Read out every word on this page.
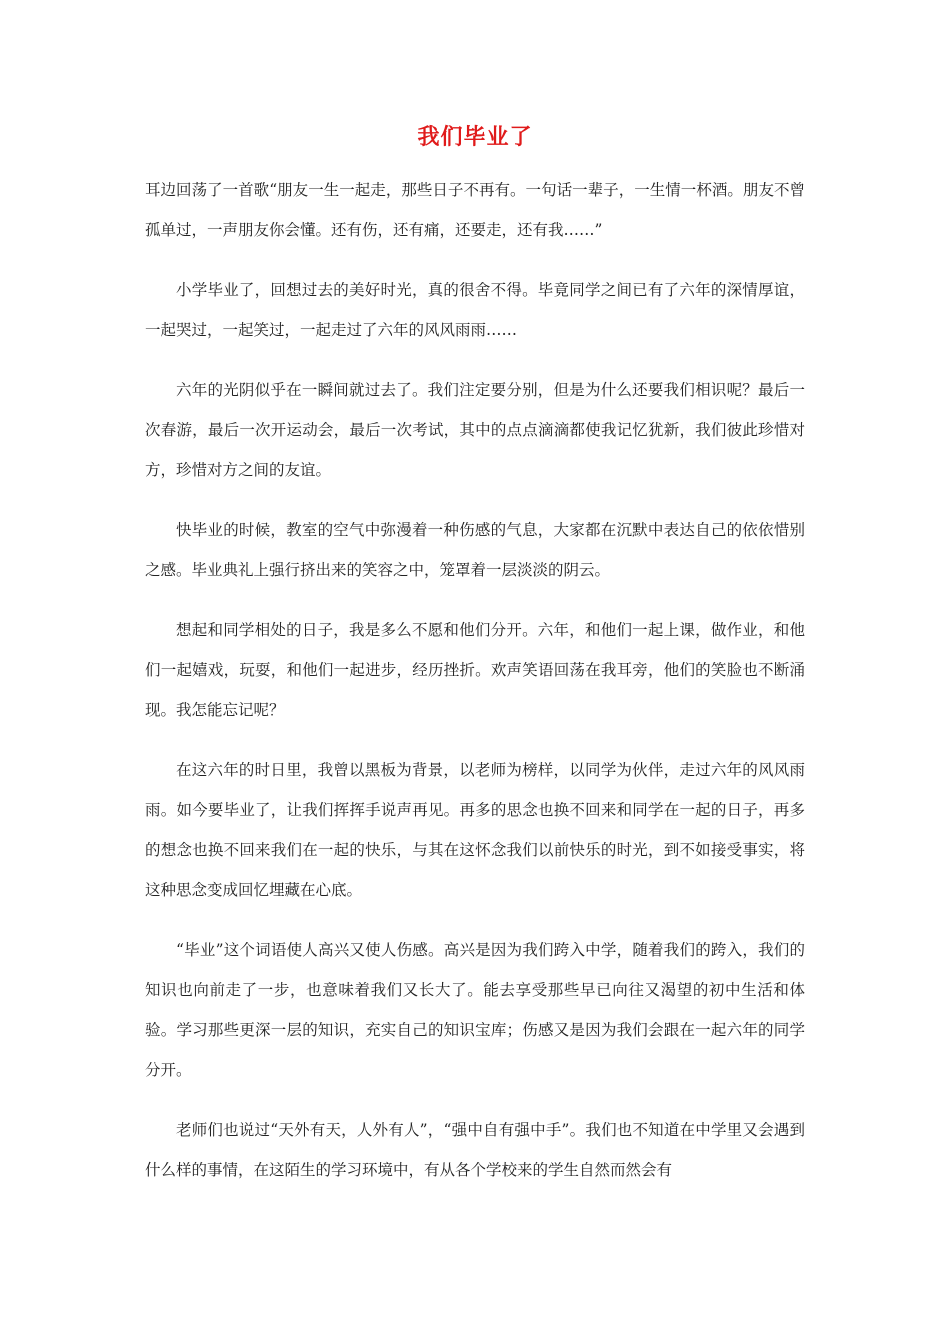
我们毕业了

耳边回荡了一首歌“朋友一生一起走，那些日子不再有。一句话一辈子，一生情一杯酒。朋友不曾孤单过，一声朋友你会懂。还有伤，还有痛，还要走，还有我……”

小学毕业了，回想过去的美好时光，真的很舍不得。毕竟同学之间已有了六年的深情厚谊，一起哭过，一起笑过，一起走过了六年的风风雨雨……

六年的光阴似乎在一瞬间就过去了。我们注定要分别，但是为什么还要我们相识呢？最后一次春游，最后一次开运动会，最后一次考试，其中的点点滴滴都使我记忆犹新，我们彼此珍惜对方，珍惜对方之间的友谊。

快毕业的时候，教室的空气中弥漫着一种伤感的气息，大家都在沉默中表达自己的依依惜别之感。毕业典礼上强行挤出来的笑容之中，笼罩着一层淡淡的阴云。

想起和同学相处的日子，我是多么不愿和他们分开。六年，和他们一起上课，做作业，和他们一起嬉戏，玩耍，和他们一起进步，经历挫折。欢声笑语回荡在我耳旁，他们的笑脸也不断涌现。我怎能忘记呢？

在这六年的时日里，我曾以黑板为背景，以老师为榜样，以同学为伙伴，走过六年的风风雨雨。如今要毕业了，让我们挥挥手说声再见。再多的思念也换不回来和同学在一起的日子，再多的想念也换不回来我们在一起的快乐，与其在这怀念我们以前快乐的时光，到不如接受事实，将这种思念变成回忆埋藏在心底。

“毕业”这个词语使人高兴又使人伤感。高兴是因为我们跨入中学，随着我们的跨入，我们的知识也向前走了一步，也意味着我们又长大了。能去享受那些早已向往又渴望的初中生活和体验。学习那些更深一层的知识，充实自己的知识宝库；伤感又是因为我们会跟在一起六年的同学分开。

老师们也说过“天外有天，人外有人”，“强中自有强中手”。我们也不知道在中学里又会遇到什么样的事情，在这陌生的学习环境中，有从各个学校来的学生自然而然会有
